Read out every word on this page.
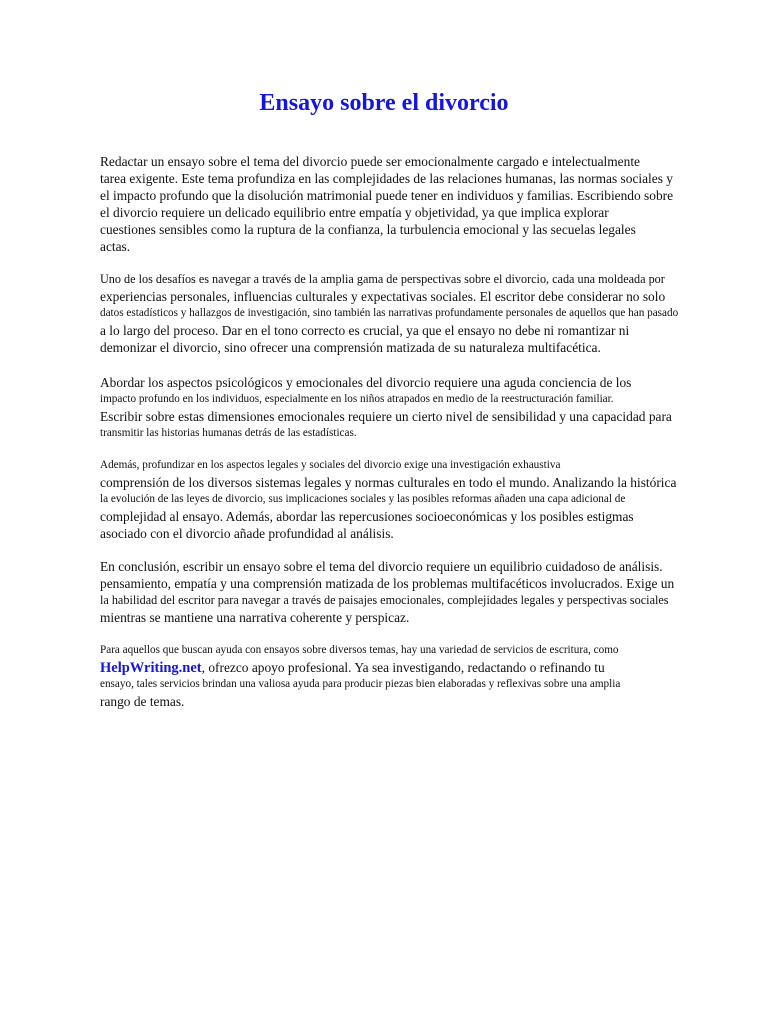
Ensayo sobre el divorcio
Redactar un ensayo sobre el tema del divorcio puede ser emocionalmente cargado e intelectualmente
tarea exigente. Este tema profundiza en las complejidades de las relaciones humanas, las normas sociales y
el impacto profundo que la disolución matrimonial puede tener en individuos y familias. Escribiendo sobre
el divorcio requiere un delicado equilibrio entre empatía y objetividad, ya que implica explorar
cuestiones sensibles como la ruptura de la confianza, la turbulencia emocional y las secuelas legales
actas.
Uno de los desafíos es navegar a través de la amplia gama de perspectivas sobre el divorcio, cada una moldeada por
experiencias personales, influencias culturales y expectativas sociales. El escritor debe considerar no solo
datos estadísticos y hallazgos de investigación, sino también las narrativas profundamente personales de aquellos que han pasado
a lo largo del proceso. Dar en el tono correcto es crucial, ya que el ensayo no debe ni romantizar ni
demonizar el divorcio, sino ofrecer una comprensión matizada de su naturaleza multifacética.
Abordar los aspectos psicológicos y emocionales del divorcio requiere una aguda conciencia de los
impacto profundo en los individuos, especialmente en los niños atrapados en medio de la reestructuración familiar.
Escribir sobre estas dimensiones emocionales requiere un cierto nivel de sensibilidad y una capacidad para
transmitir las historias humanas detrás de las estadísticas.
Además, profundizar en los aspectos legales y sociales del divorcio exige una investigación exhaustiva
comprensión de los diversos sistemas legales y normas culturales en todo el mundo. Analizando la histórica
la evolución de las leyes de divorcio, sus implicaciones sociales y las posibles reformas añaden una capa adicional de
complejidad al ensayo. Además, abordar las repercusiones socioeconómicas y los posibles estigmas
asociado con el divorcio añade profundidad al análisis.
En conclusión, escribir un ensayo sobre el tema del divorcio requiere un equilibrio cuidadoso de análisis.
pensamiento, empatía y una comprensión matizada de los problemas multifacéticos involucrados. Exige un
la habilidad del escritor para navegar a través de paisajes emocionales, complejidades legales y perspectivas sociales
mientras se mantiene una narrativa coherente y perspicaz.
Para aquellos que buscan ayuda con ensayos sobre diversos temas, hay una variedad de servicios de escritura, como
HelpWriting.net, ofrezco apoyo profesional. Ya sea investigando, redactando o refinando tu
ensayo, tales servicios brindan una valiosa ayuda para producir piezas bien elaboradas y reflexivas sobre una amplia
rango de temas.
